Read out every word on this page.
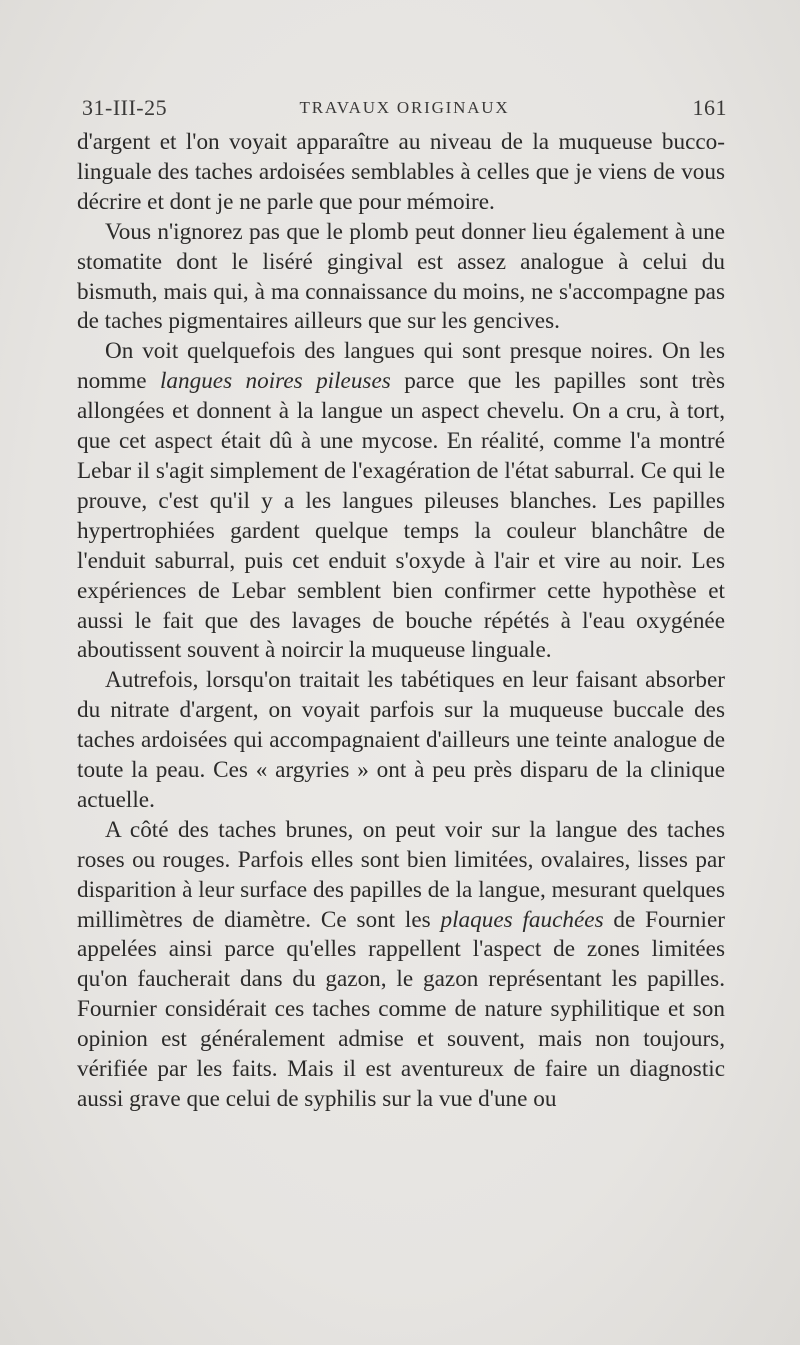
31-III-25	TRAVAUX ORIGINAUX	161

d'argent et l'on voyait apparaître au niveau de la muqueuse bucco-linguale des taches ardoisées semblables à celles que je viens de vous décrire et dont je ne parle que pour mémoire.

Vous n'ignorez pas que le plomb peut donner lieu également à une stomatite dont le liséré gingival est assez analogue à celui du bismuth, mais qui, à ma connaissance du moins, ne s'accompagne pas de taches pigmentaires ailleurs que sur les gencives.

On voit quelquefois des langues qui sont presque noires. On les nomme langues noires pileuses parce que les papilles sont très allongées et donnent à la langue un aspect chevelu. On a cru, à tort, que cet aspect était dû à une mycose. En réalité, comme l'a montré Lebar il s'agit simplement de l'exagération de l'état saburral. Ce qui le prouve, c'est qu'il y a les langues pileuses blanches. Les papilles hypertrophiées gardent quelque temps la couleur blanchâtre de l'enduit saburral, puis cet enduit s'oxyde à l'air et vire au noir. Les expériences de Lebar semblent bien confirmer cette hypothèse et aussi le fait que des lavages de bouche répétés à l'eau oxygénée aboutissent souvent à noircir la muqueuse linguale.

Autrefois, lorsqu'on traitait les tabétiques en leur faisant absorber du nitrate d'argent, on voyait parfois sur la muqueuse buccale des taches ardoisées qui accompagnaient d'ailleurs une teinte analogue de toute la peau. Ces « argyries » ont à peu près disparu de la clinique actuelle.

A côté des taches brunes, on peut voir sur la langue des taches roses ou rouges. Parfois elles sont bien limitées, ovalaires, lisses par disparition à leur surface des papilles de la langue, mesurant quelques millimètres de diamètre. Ce sont les plaques fauchées de Fournier appelées ainsi parce qu'elles rappellent l'aspect de zones limitées qu'on faucherait dans du gazon, le gazon représentant les papilles. Fournier considérait ces taches comme de nature syphilitique et son opinion est généralement admise et souvent, mais non toujours, vérifiée par les faits. Mais il est aventureux de faire un diagnostic aussi grave que celui de syphilis sur la vue d'une ou
